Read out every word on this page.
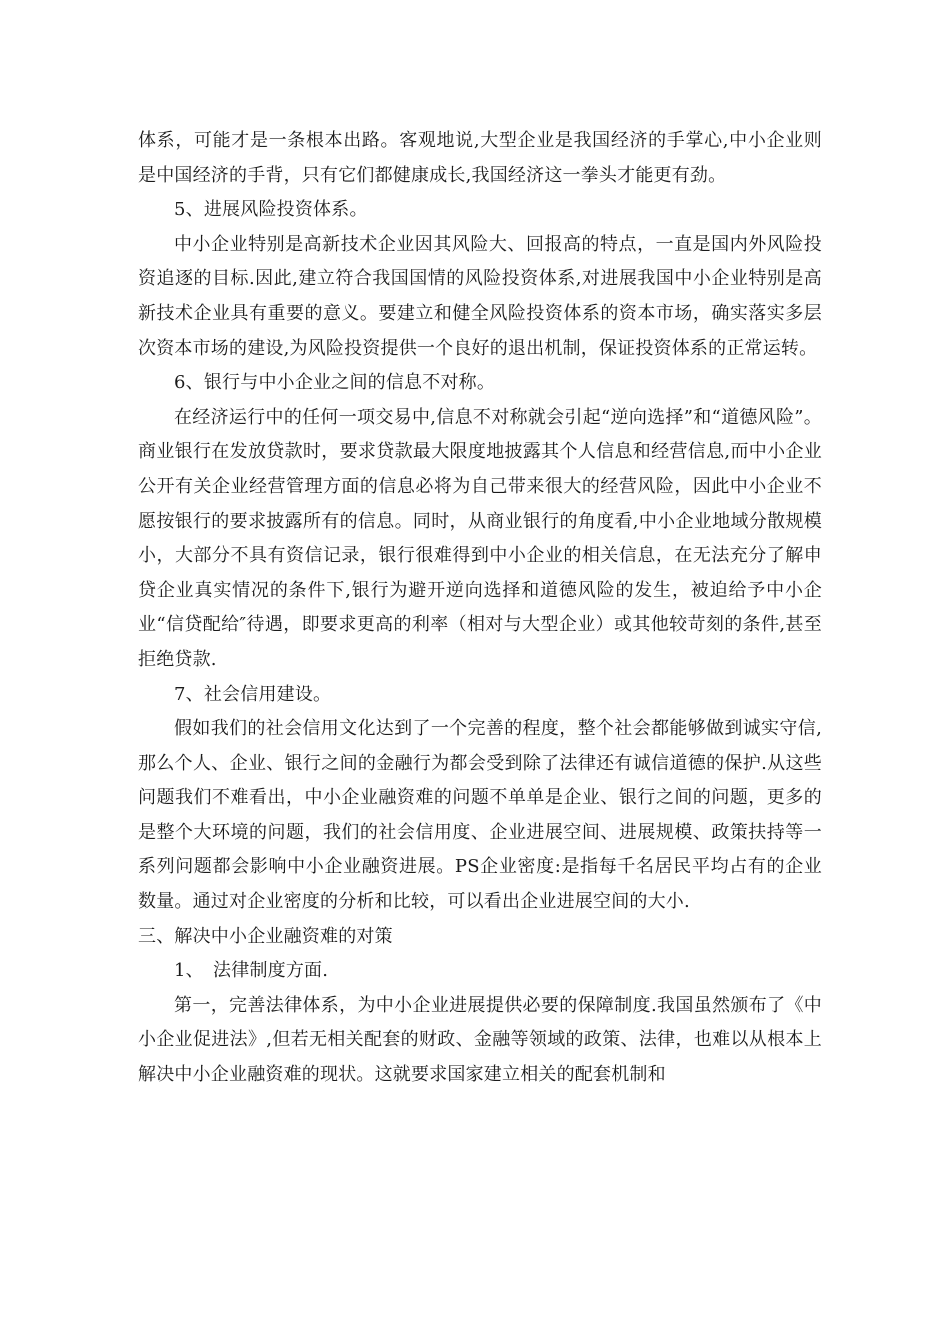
体系，可能才是一条根本出路。客观地说,大型企业是我国经济的手掌心,中小企业则是中国经济的手背，只有它们都健康成长,我国经济这一拳头才能更有劲。

5、进展风险投资体系。

中小企业特别是高新技术企业因其风险大、回报高的特点，一直是国内外风险投资追逐的目标.因此,建立符合我国国情的风险投资体系,对进展我国中小企业特别是高新技术企业具有重要的意义。要建立和健全风险投资体系的资本市场，确实落实多层次资本市场的建设,为风险投资提供一个良好的退出机制，保证投资体系的正常运转。

6、银行与中小企业之间的信息不对称。

在经济运行中的任何一项交易中,信息不对称就会引起“逆向选择”和“道德风险”。商业银行在发放贷款时，要求贷款最大限度地披露其个人信息和经营信息,而中小企业公开有关企业经营管理方面的信息必将为自己带来很大的经营风险，因此中小企业不愿按银行的要求披露所有的信息。同时，从商业银行的角度看,中小企业地域分散规模小，大部分不具有资信记录，银行很难得到中小企业的相关信息，在无法充分了解申贷企业真实情况的条件下,银行为避开逆向选择和道德风险的发生，被迫给予中小企业“信贷配给″待遇，即要求更高的利率（相对与大型企业）或其他较苛刻的条件,甚至拒绝贷款.

7、社会信用建设。

假如我们的社会信用文化达到了一个完善的程度，整个社会都能够做到诚实守信,那么个人、企业、银行之间的金融行为都会受到除了法律还有诚信道德的保护.从这些问题我们不难看出，中小企业融资难的问题不单单是企业、银行之间的问题，更多的是整个大环境的问题，我们的社会信用度、企业进展空间、进展规模、政策扶持等一系列问题都会影响中小企业融资进展。PS企业密度:是指每千名居民平均占有的企业数量。通过对企业密度的分析和比较，可以看出企业进展空间的大小.

三、解决中小企业融资难的对策

1、　法律制度方面.

第一，完善法律体系，为中小企业进展提供必要的保障制度.我国虽然颁布了《中小企业促进法》,但若无相关配套的财政、金融等领域的政策、法律，也难以从根本上解决中小企业融资难的现状。这就要求国家建立相关的配套机制和
